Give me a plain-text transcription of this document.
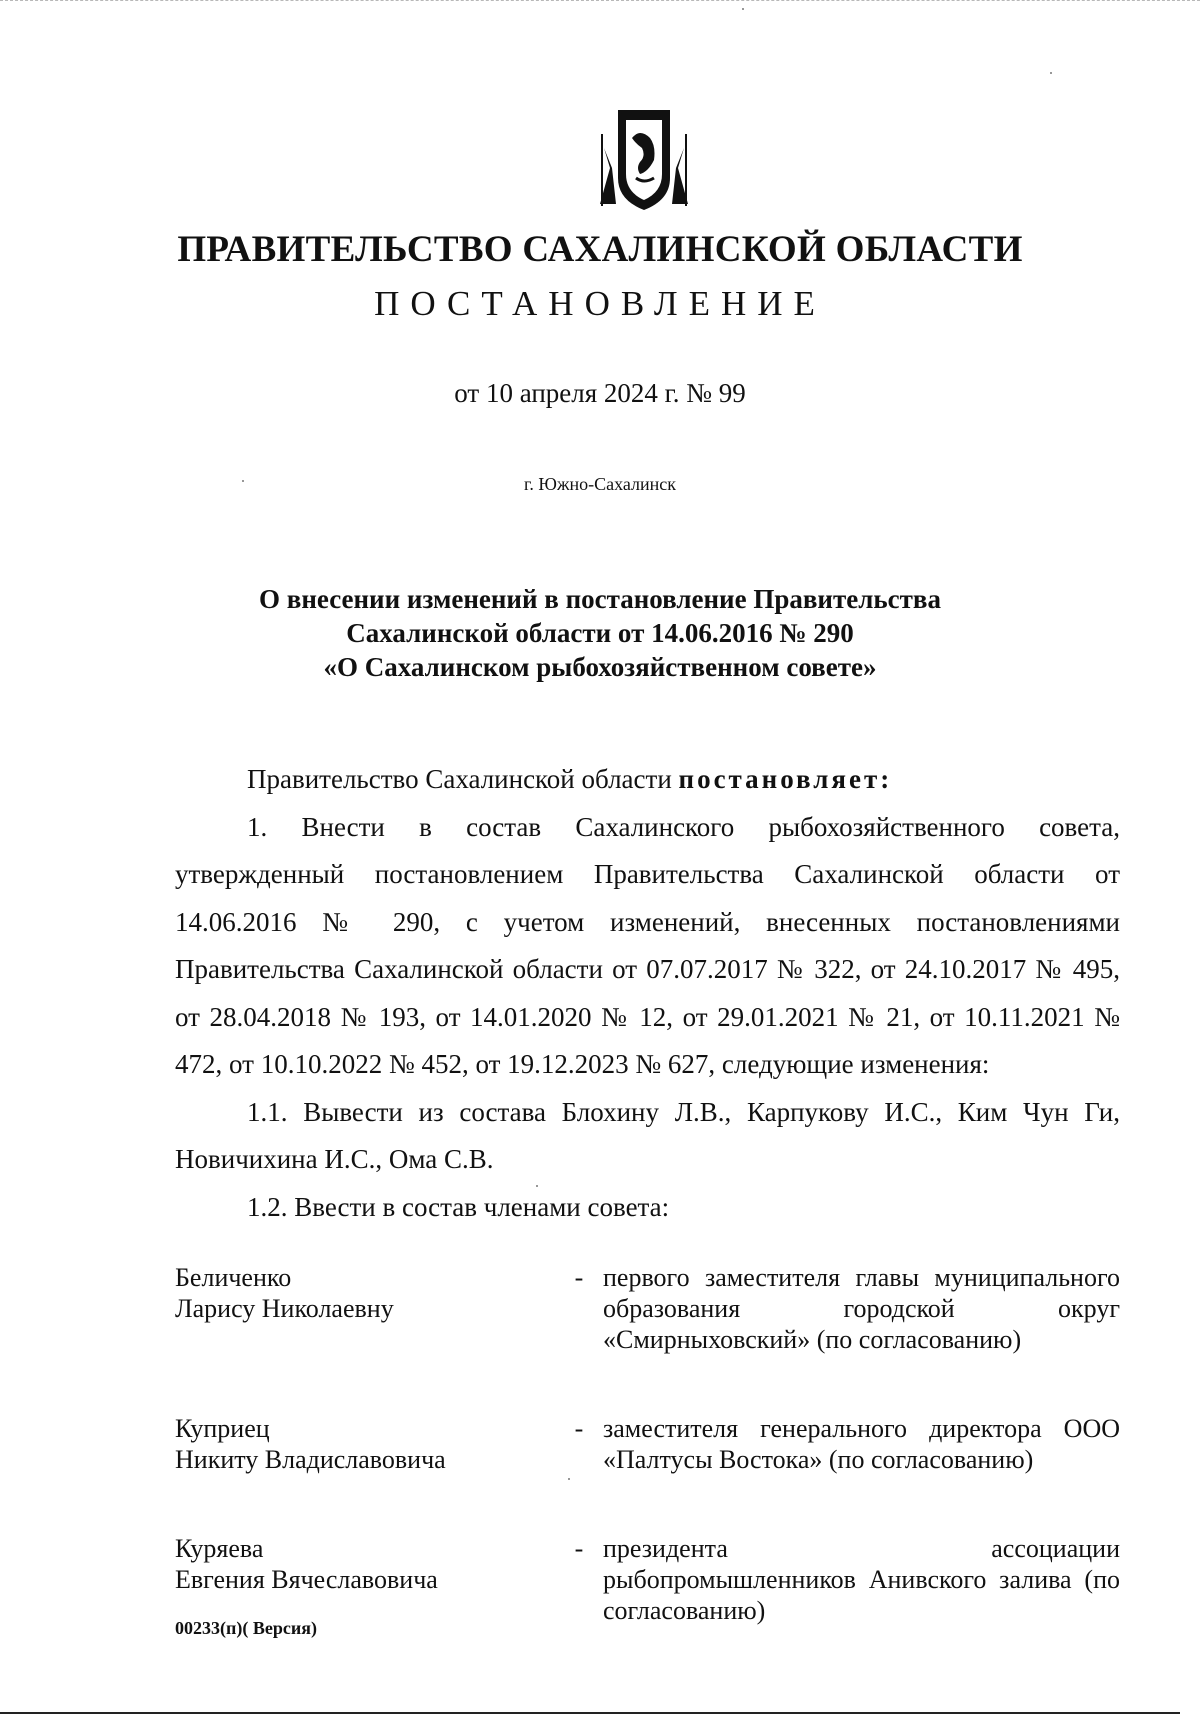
ПРАВИТЕЛЬСТВО САХАЛИНСКОЙ ОБЛАСТИ
ПОСТАНОВЛЕНИЕ
от 10 апреля 2024 г. № 99
г. Южно-Сахалинск
О внесении изменений в постановление Правительства
Сахалинской области от 14.06.2016 № 290
«О Сахалинском рыбохозяйственном совете»

Правительство Сахалинской области постановляет:

1. Внести в состав Сахалинского рыбохозяйственного совета, утвержденный постановлением Правительства Сахалинской области от 14.06.2016 № 290, с учетом изменений, внесенных постановлениями Правительства Сахалинской области от 07.07.2017 № 322, от 24.10.2017 № 495, от 28.04.2018 № 193, от 14.01.2020 № 12, от 29.01.2021 № 21, от 10.11.2021 № 472, от 10.10.2022 № 452, от 19.12.2023 № 627, следующие изменения:

1.1. Вывести из состава Блохину Л.В., Карпукову И.С., Ким Чун Ги, Новичихина И.С., Ома С.В.

1.2. Ввести в состав членами совета:

Беличенко
Ларису Николаевну
- первого заместителя главы муниципального образования городской округ «Смирныховский» (по согласованию)
Куприец
Никиту Владиславовича
- заместителя генерального директора ООО «Палтусы Востока» (по согласованию)
Куряева
Евгения Вячеславовича
- президента ассоциации рыбопромышленников Анивского залива (по согласованию)
00233(п)( Версия)
